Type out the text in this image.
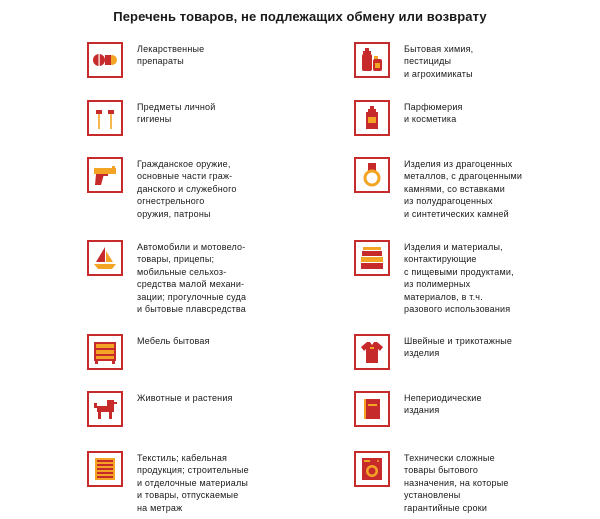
Перечень товаров, не подлежащих обмену или возврату
Лекарственные
препараты
Предметы личной
гигиены
Гражданское оружие,
основные части граж-
данского и служебного
огнестрельного
оружия, патроны
Автомобили и мотовело-
товары, прицепы;
мобильные сельхоз-
средства малой механи-
зации; прогулочные суда
и бытовые плавсредства
Мебель бытовая
Животные и растения
Текстиль; кабельная
продукция; строительные
и отделочные материалы
и товары, отпускаемые
на метраж
Бытовая химия,
пестициды
и агрохимикаты
Парфюмерия
и косметика
Изделия из драгоценных
металлов, с драгоценными
камнями, со вставками
из полудрагоценных
и синтетических камней
Изделия и материалы,
контактирующие
с пищевыми продуктами,
из полимерных
материалов, в т.ч.
разового использования
Швейные и трикотажные
изделия
Непериодические
издания
Технически сложные
товары бытового
назначения, на которые
установлены
гарантийные сроки
